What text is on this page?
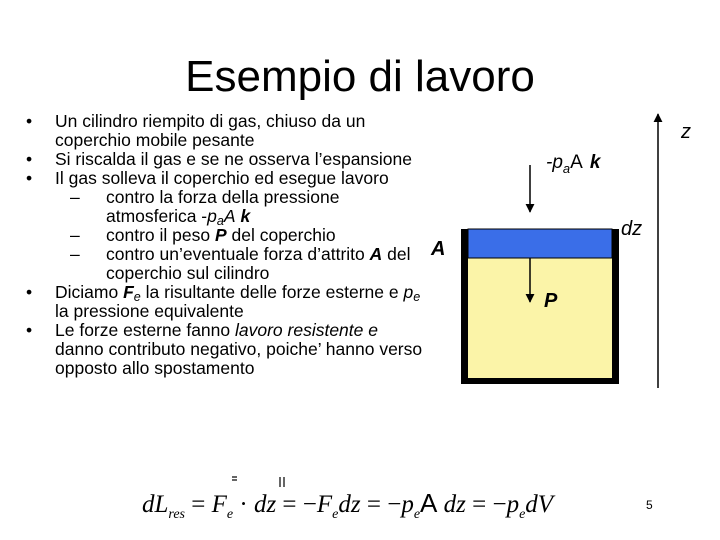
Esempio di lavoro
• Un cilindro riempito di gas, chiuso da un coperchio mobile pesante
• Si riscalda il gas e se ne osserva l’espansione
• Il gas solleva il coperchio ed esegue lavoro
– contro la forza della pressione atmosferica $-p_aA$ k
– contro il peso P del coperchio
– contro un’eventuale forza d’attrito A del coperchio sul cilindro
• Diciamo $F_e$ la risultante delle forze esterne e $p_e$ la pressione equivalente
• Le forze esterne fanno lavoro resistente e danno contributo negativo, poiche’ hanno verso opposto allo spostamento
z
$-p_aA$ k
P
dz
A
$dL_{res} = F_e$ · dz = $-F_edz = -p_eA$ dz = $-p_edV$	5
